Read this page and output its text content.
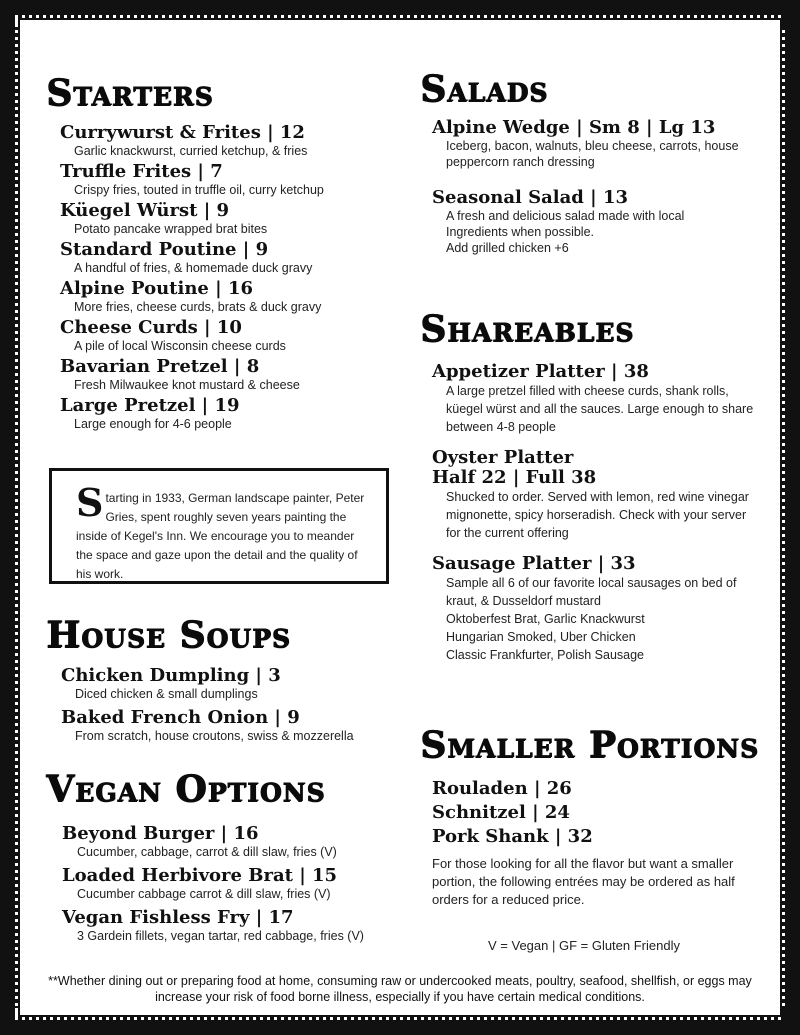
Starters
Currywurst & Frites | 12
Garlic knackwurst, curried ketchup, & fries
Truffle Frites | 7
Crispy fries, touted in truffle oil, curry ketchup
Küegel Würst | 9
Potato pancake wrapped brat bites
Standard Poutine | 9
A handful of fries, & homemade duck gravy
Alpine Poutine | 16
More fries, cheese curds, brats & duck gravy
Cheese Curds | 10
A pile of local Wisconsin cheese curds
Bavarian Pretzel | 8
Fresh Milwaukee knot mustard & cheese
Large Pretzel | 19
Large enough for 4-6 people
S tarting in 1933, German landscape painter, Peter Gries, spent roughly seven years painting the inside of Kegel's Inn. We encourage you to meander the space and gaze upon the detail and the quality of his work.
House Soups
Chicken Dumpling | 3
Diced chicken & small dumplings
Baked French Onion | 9
From scratch, house croutons, swiss & mozzerella
Vegan Options
Beyond Burger | 16
Cucumber, cabbage, carrot & dill slaw, fries (V)
Loaded Herbivore Brat | 15
Cucumber cabbage carrot & dill slaw, fries (V)
Vegan Fishless Fry | 17
3 Gardein fillets, vegan tartar, red cabbage, fries (V)
Salads
Alpine Wedge | Sm 8 | Lg 13
Iceberg, bacon, walnuts, bleu cheese, carrots, house peppercorn ranch dressing
Seasonal Salad | 13
A fresh and delicious salad made with local Ingredients when possible.
Add grilled chicken +6
Shareables
Appetizer Platter | 38
A large pretzel filled with cheese curds, shank rolls, küegel würst and all the sauces. Large enough to share between 4-8 people
Oyster Platter
Half 22 | Full 38
Shucked to order. Served with lemon, red wine vinegar mignonette, spicy horseradish. Check with your server for the current offering
Sausage Platter | 33
Sample all 6 of our favorite local sausages on bed of kraut, & Dusseldorf mustard
Oktoberfest Brat, Garlic Knackwurst
Hungarian Smoked, Uber Chicken
Classic Frankfurter, Polish Sausage
Smaller Portions
Rouladen | 26
Schnitzel | 24
Pork Shank | 32
For those looking for all the flavor but want a smaller portion, the following entrées may be ordered as half orders for a reduced price.
V = Vegan | GF = Gluten Friendly
**Whether dining out or preparing food at home, consuming raw or undercooked meats, poultry, seafood, shellfish, or eggs may increase your risk of food borne illness, especially if you have certain medical conditions.
